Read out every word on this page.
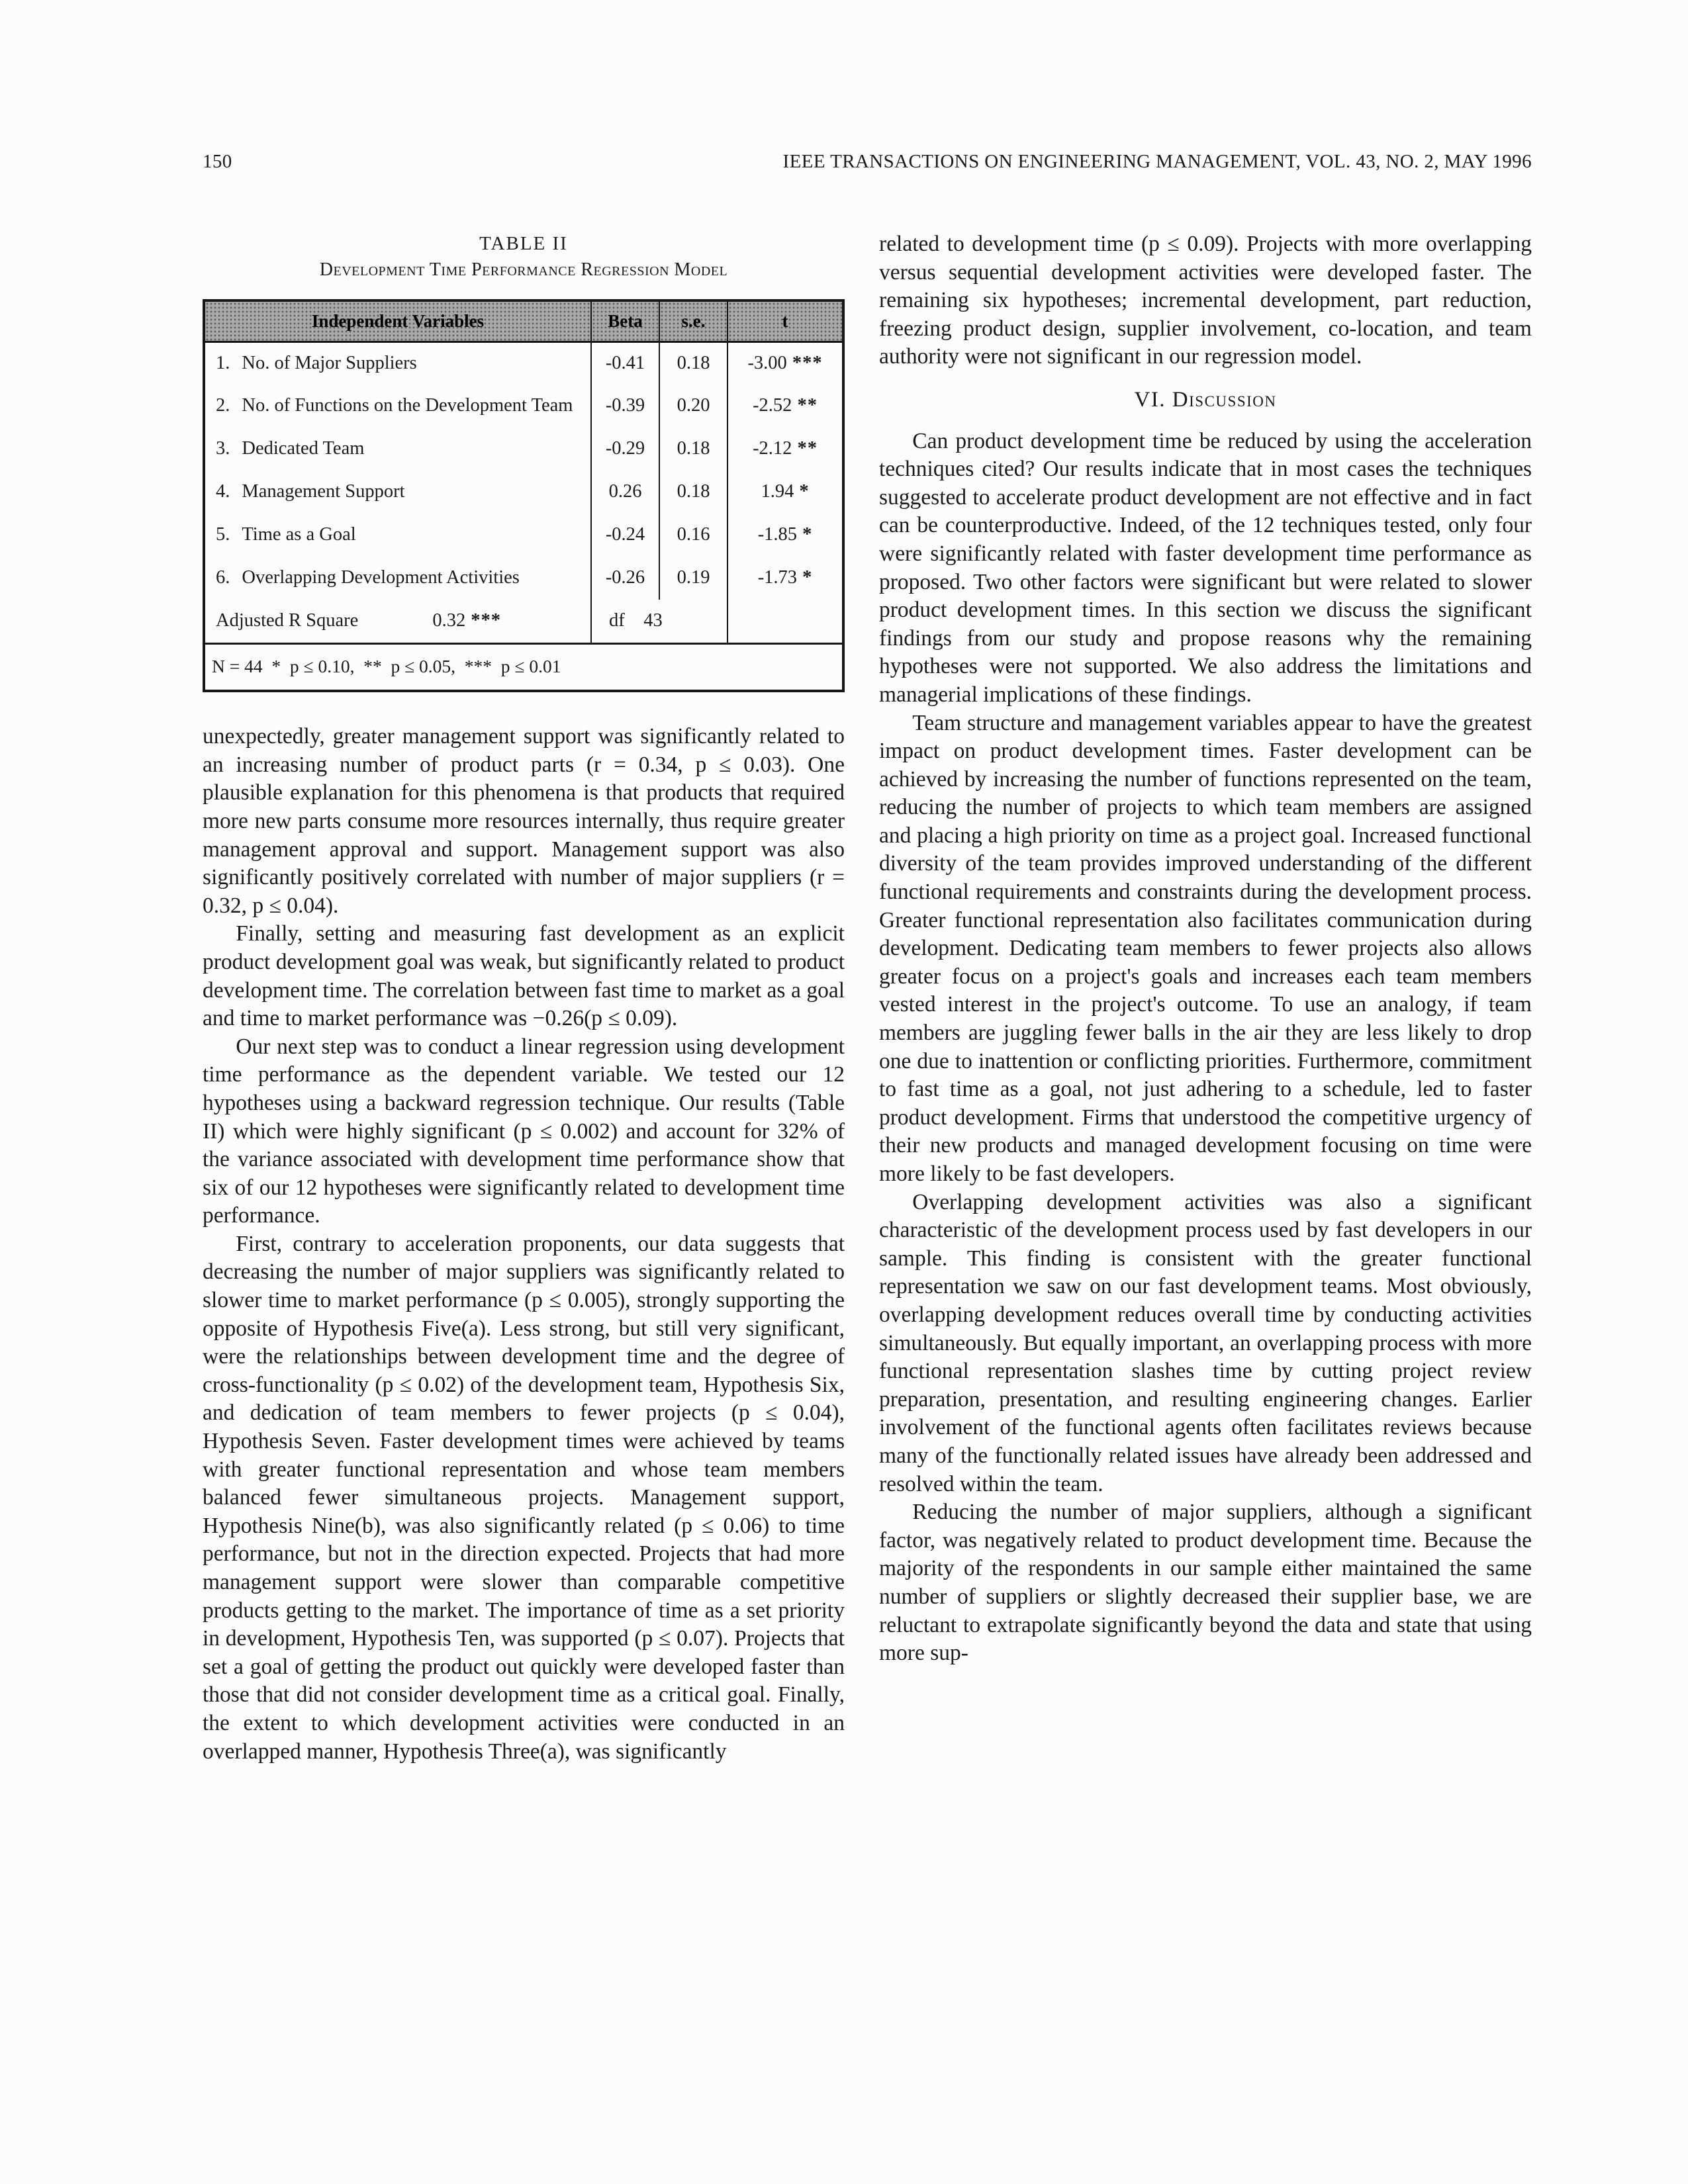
150	IEEE TRANSACTIONS ON ENGINEERING MANAGEMENT, VOL. 43, NO. 2, MAY 1996
TABLE II
Development Time Performance Regression Model
Independent Variables	Beta	s.e.	t
1. No. of Major Suppliers	-0.41	0.18	-3.00 ***
2. No. of Functions on the Development Team	-0.39	0.20	-2.52 **
3. Dedicated Team	-0.29	0.18	-2.12 **
4. Management Support	0.26	0.18	1.94 *
5. Time as a Goal	-0.24	0.16	-1.85 *
6. Overlapping Development Activities	-0.26	0.19	-1.73 *
Adjusted R Square 0.32 ***	df    43		
N = 44  *  p ≤ 0.10,  **  p ≤ 0.05,  ***  p ≤ 0.01			

unexpectedly, greater management support was significantly related to an increasing number of product parts (r = 0.34, p ≤ 0.03). One plausible explanation for this phenomena is that products that required more new parts consume more resources internally, thus require greater management approval and support. Management support was also significantly positively correlated with number of major suppliers (r = 0.32, p ≤ 0.04).

Finally, setting and measuring fast development as an explicit product development goal was weak, but significantly related to product development time. The correlation between fast time to market as a goal and time to market performance was −0.26(p ≤ 0.09).

Our next step was to conduct a linear regression using development time performance as the dependent variable. We tested our 12 hypotheses using a backward regression technique. Our results (Table II) which were highly significant (p ≤ 0.002) and account for 32% of the variance associated with development time performance show that six of our 12 hypotheses were significantly related to development time performance.

First, contrary to acceleration proponents, our data suggests that decreasing the number of major suppliers was significantly related to slower time to market performance (p ≤ 0.005), strongly supporting the opposite of Hypothesis Five(a). Less strong, but still very significant, were the relationships between development time and the degree of cross-functionality (p ≤ 0.02) of the development team, Hypothesis Six, and dedication of team members to fewer projects (p ≤ 0.04), Hypothesis Seven. Faster development times were achieved by teams with greater functional representation and whose team members balanced fewer simultaneous projects. Management support, Hypothesis Nine(b), was also significantly related (p ≤ 0.06) to time performance, but not in the direction expected. Projects that had more management support were slower than comparable competitive products getting to the market. The importance of time as a set priority in development, Hypothesis Ten, was supported (p ≤ 0.07). Projects that set a goal of getting the product out quickly were developed faster than those that did not consider development time as a critical goal. Finally, the extent to which development activities were conducted in an overlapped manner, Hypothesis Three(a), was significantly

related to development time (p ≤ 0.09). Projects with more overlapping versus sequential development activities were developed faster. The remaining six hypotheses; incremental development, part reduction, freezing product design, supplier involvement, co-location, and team authority were not significant in our regression model.

VI. Discussion

Can product development time be reduced by using the acceleration techniques cited? Our results indicate that in most cases the techniques suggested to accelerate product development are not effective and in fact can be counterproductive. Indeed, of the 12 techniques tested, only four were significantly related with faster development time performance as proposed. Two other factors were significant but were related to slower product development times. In this section we discuss the significant findings from our study and propose reasons why the remaining hypotheses were not supported. We also address the limitations and managerial implications of these findings.

Team structure and management variables appear to have the greatest impact on product development times. Faster development can be achieved by increasing the number of functions represented on the team, reducing the number of projects to which team members are assigned and placing a high priority on time as a project goal. Increased functional diversity of the team provides improved understanding of the different functional requirements and constraints during the development process. Greater functional representation also facilitates communication during development. Dedicating team members to fewer projects also allows greater focus on a project's goals and increases each team members vested interest in the project's outcome. To use an analogy, if team members are juggling fewer balls in the air they are less likely to drop one due to inattention or conflicting priorities. Furthermore, commitment to fast time as a goal, not just adhering to a schedule, led to faster product development. Firms that understood the competitive urgency of their new products and managed development focusing on time were more likely to be fast developers.

Overlapping development activities was also a significant characteristic of the development process used by fast developers in our sample. This finding is consistent with the greater functional representation we saw on our fast development teams. Most obviously, overlapping development reduces overall time by conducting activities simultaneously. But equally important, an overlapping process with more functional representation slashes time by cutting project review preparation, presentation, and resulting engineering changes. Earlier involvement of the functional agents often facilitates reviews because many of the functionally related issues have already been addressed and resolved within the team.

Reducing the number of major suppliers, although a significant factor, was negatively related to product development time. Because the majority of the respondents in our sample either maintained the same number of suppliers or slightly decreased their supplier base, we are reluctant to extrapolate significantly beyond the data and state that using more sup-
